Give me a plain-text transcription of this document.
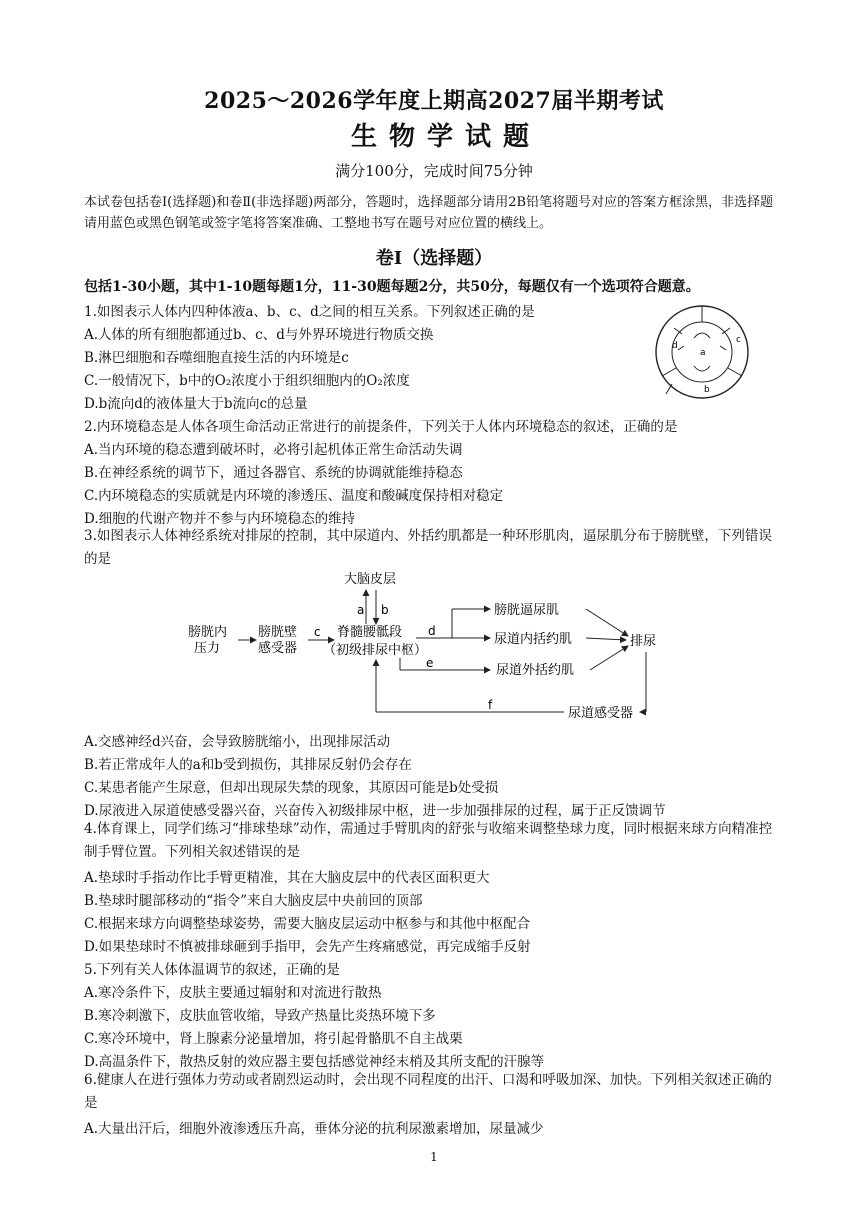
2025～2026学年度上期高2027届半期考试
生物学试题
满分100分，完成时间75分钟
本试卷包括卷Ⅰ(选择题)和卷Ⅱ(非选择题)两部分，答题时，选择题部分请用2B铅笔将题号对应的答案方框涂黑，非选择题请用蓝色或黑色钢笔或签字笔将答案准确、工整地书写在题号对应位置的横线上。
卷Ⅰ（选择题）
包括1-30小题，其中1-10题每题1分，11-30题每题2分，共50分，每题仅有一个选项符合题意。
1.如图表示人体内四种体液a、b、c、d之间的相互关系。下列叙述正确的是
A.人体的所有细胞都通过b、c、d与外界环境进行物质交换
B.淋巴细胞和吞噬细胞直接生活的内环境是c
C.一般情况下，b中的O₂浓度小于组织细胞内的O₂浓度
D.b流向d的液体量大于b流向c的总量
a
b
c
d
2.内环境稳态是人体各项生命活动正常进行的前提条件，下列关于人体内环境稳态的叙述，正确的是
A.当内环境的稳态遭到破坏时，必将引起机体正常生命活动失调
B.在神经系统的调节下，通过各器官、系统的协调就能维持稳态
C.内环境稳态的实质就是内环境的渗透压、温度和酸碱度保持相对稳定
D.细胞的代谢产物并不参与内环境稳态的维持
3.如图表示人体神经系统对排尿的控制，其中尿道内、外括约肌都是一种环形肌肉，逼尿肌分布于膀胱壁，下列错误的是
大脑皮层
a b
膀胱内
压力
膀胱壁
感受器
c 脊髓腰骶段
（初级排尿中枢）
d
膀胱逼尿肌
尿道内括约肌
e	尿道外括约肌
排尿
尿道感受器
f
A.交感神经d兴奋，会导致膀胱缩小，出现排尿活动
B.若正常成年人的a和b受到损伤，其排尿反射仍会存在
C.某患者能产生尿意，但却出现尿失禁的现象，其原因可能是b处受损
D.尿液进入尿道使感受器兴奋，兴奋传入初级排尿中枢，进一步加强排尿的过程，属于正反馈调节
4.体育课上，同学们练习“排球垫球”动作，需通过手臂肌肉的舒张与收缩来调整垫球力度，同时根据来球方向精准控制手臂位置。下列相关叙述错误的是
A.垫球时手指动作比手臂更精准，其在大脑皮层中的代表区面积更大
B.垫球时腿部移动的“指令”来自大脑皮层中央前回的顶部
C.根据来球方向调整垫球姿势，需要大脑皮层运动中枢参与和其他中枢配合
D.如果垫球时不慎被排球砸到手指甲，会先产生疼痛感觉，再完成缩手反射
5.下列有关人体体温调节的叙述，正确的是
A.寒冷条件下，皮肤主要通过辐射和对流进行散热
B.寒冷刺激下，皮肤血管收缩，导致产热量比炎热环境下多
C.寒冷环境中，肾上腺素分泌量增加，将引起骨骼肌不自主战栗
D.高温条件下，散热反射的效应器主要包括感觉神经末梢及其所支配的汗腺等
6.健康人在进行强体力劳动或者剧烈运动时，会出现不同程度的出汗、口渴和呼吸加深、加快。下列相关叙述正确的是
A.大量出汗后，细胞外液渗透压升高，垂体分泌的抗利尿激素增加，尿量减少
1
